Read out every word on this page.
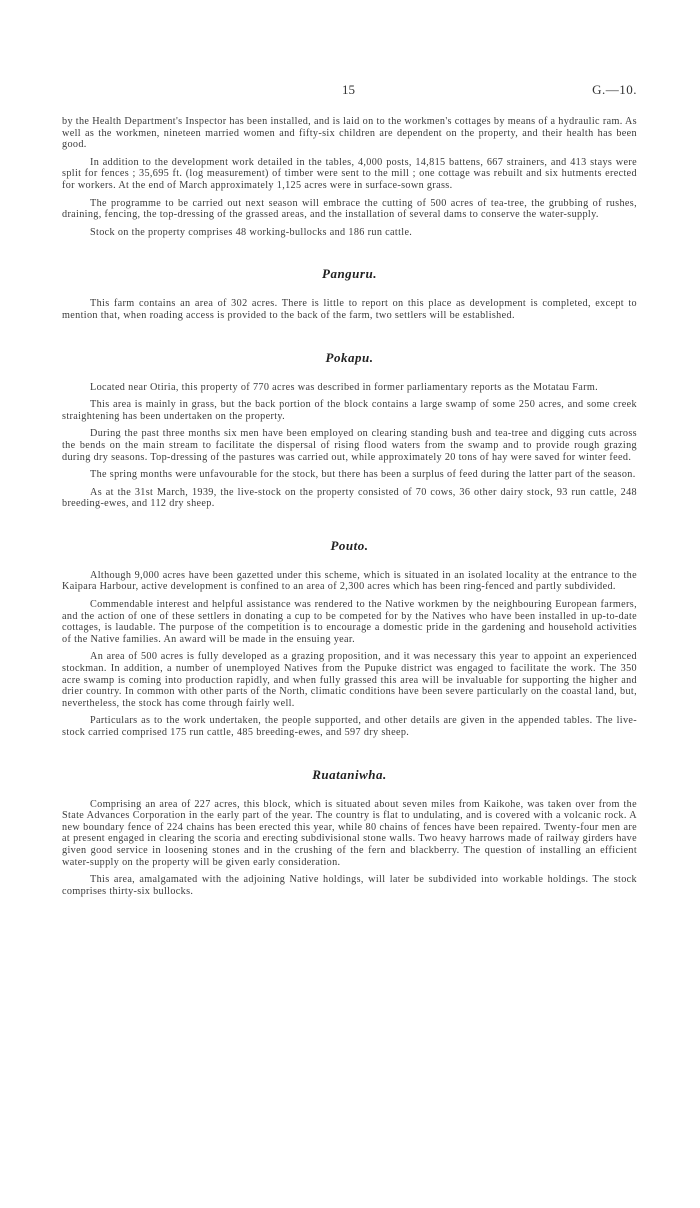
15	G.—10.

by the Health Department's Inspector has been installed, and is laid on to the workmen's cottages by means of a hydraulic ram. As well as the workmen, nineteen married women and fifty-six children are dependent on the property, and their health has been good.

In addition to the development work detailed in the tables, 4,000 posts, 14,815 battens, 667 strainers, and 413 stays were split for fences ; 35,695 ft. (log measurement) of timber were sent to the mill ; one cottage was rebuilt and six hutments erected for workers. At the end of March approximately 1,125 acres were in surface-sown grass.

The programme to be carried out next season will embrace the cutting of 500 acres of tea-tree, the grubbing of rushes, draining, fencing, the top-dressing of the grassed areas, and the installation of several dams to conserve the water-supply.

Stock on the property comprises 48 working-bullocks and 186 run cattle.

Panguru.

This farm contains an area of 302 acres. There is little to report on this place as development is completed, except to mention that, when roading access is provided to the back of the farm, two settlers will be established.

Pokapu.

Located near Otiria, this property of 770 acres was described in former parliamentary reports as the Motatau Farm.

This area is mainly in grass, but the back portion of the block contains a large swamp of some 250 acres, and some creek straightening has been undertaken on the property.

During the past three months six men have been employed on clearing standing bush and tea-tree and digging cuts across the bends on the main stream to facilitate the dispersal of rising flood waters from the swamp and to provide rough grazing during dry seasons. Top-dressing of the pastures was carried out, while approximately 20 tons of hay were saved for winter feed.

The spring months were unfavourable for the stock, but there has been a surplus of feed during the latter part of the season.

As at the 31st March, 1939, the live-stock on the property consisted of 70 cows, 36 other dairy stock, 93 run cattle, 248 breeding-ewes, and 112 dry sheep.

Pouto.

Although 9,000 acres have been gazetted under this scheme, which is situated in an isolated locality at the entrance to the Kaipara Harbour, active development is confined to an area of 2,300 acres which has been ring-fenced and partly subdivided.

Commendable interest and helpful assistance was rendered to the Native workmen by the neighbouring European farmers, and the action of one of these settlers in donating a cup to be competed for by the Natives who have been installed in up-to-date cottages, is laudable. The purpose of the competition is to encourage a domestic pride in the gardening and household activities of the Native families. An award will be made in the ensuing year.

An area of 500 acres is fully developed as a grazing proposition, and it was necessary this year to appoint an experienced stockman. In addition, a number of unemployed Natives from the Pupuke district was engaged to facilitate the work. The 350 acre swamp is coming into production rapidly, and when fully grassed this area will be invaluable for supporting the higher and drier country. In common with other parts of the North, climatic conditions have been severe particularly on the coastal land, but, nevertheless, the stock has come through fairly well.

Particulars as to the work undertaken, the people supported, and other details are given in the appended tables. The live-stock carried comprised 175 run cattle, 485 breeding-ewes, and 597 dry sheep.

Ruataniwha.

Comprising an area of 227 acres, this block, which is situated about seven miles from Kaikohe, was taken over from the State Advances Corporation in the early part of the year. The country is flat to undulating, and is covered with a volcanic rock. A new boundary fence of 224 chains has been erected this year, while 80 chains of fences have been repaired. Twenty-four men are at present engaged in clearing the scoria and erecting subdivisional stone walls. Two heavy harrows made of railway girders have given good service in loosening stones and in the crushing of the fern and blackberry. The question of installing an efficient water-supply on the property will be given early consideration.

This area, amalgamated with the adjoining Native holdings, will later be subdivided into workable holdings. The stock comprises thirty-six bullocks.
